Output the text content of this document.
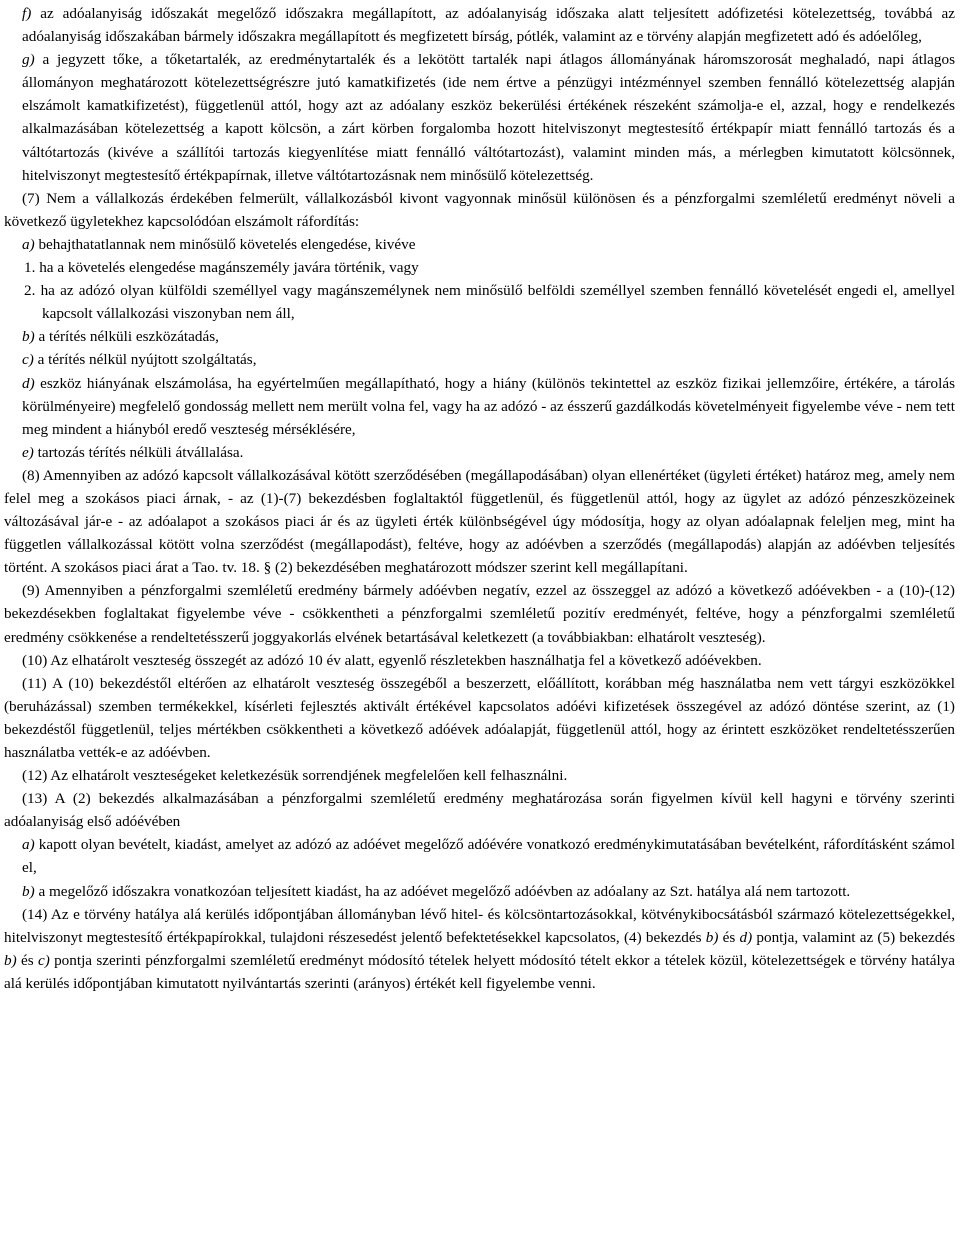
f) az adóalanyiság időszakát megelőző időszakra megállapított, az adóalanyiság időszaka alatt teljesített adófizetési kötelezettség, továbbá az adóalanyiság időszakában bármely időszakra megállapított és megfizetett bírság, pótlék, valamint az e törvény alapján megfizetett adó és adóelőleg,

g) a jegyzett tőke, a tőketartalék, az eredménytartalék és a lekötött tartalék napi átlagos állományának háromszorosát meghaladó, napi átlagos állományon meghatározott kötelezettségrészre jutó kamatkifizetés (ide nem értve a pénzügyi intézménnyel szemben fennálló kötelezettség alapján elszámolt kamatkifizetést), függetlenül attól, hogy azt az adóalany eszköz bekerülési értékének részeként számolja-e el, azzal, hogy e rendelkezés alkalmazásában kötelezettség a kapott kölcsön, a zárt körben forgalomba hozott hitelviszonyt megtestesítő értékpapír miatt fennálló tartozás és a váltótartozás (kivéve a szállítói tartozás kiegyenlítése miatt fennálló váltótartozást), valamint minden más, a mérlegben kimutatott kölcsönnek, hitelviszonyt megtestesítő értékpapírnak, illetve váltótartozásnak nem minősülő kötelezettség.

(7) Nem a vállalkozás érdekében felmerült, vállalkozásból kivont vagyonnak minősül különösen és a pénzforgalmi szemléletű eredményt növeli a következő ügyletekhez kapcsolódóan elszámolt ráfordítás:

a) behajthatatlannak nem minősülő követelés elengedése, kivéve

1. ha a követelés elengedése magánszemély javára történik, vagy

2. ha az adózó olyan külföldi személlyel vagy magánszemélynek nem minősülő belföldi személlyel szemben fennálló követelését engedi el, amellyel kapcsolt vállalkozási viszonyban nem áll,

b) a térítés nélküli eszközátadás,

c) a térítés nélkül nyújtott szolgáltatás,

d) eszköz hiányának elszámolása, ha egyértelműen megállapítható, hogy a hiány (különös tekintettel az eszköz fizikai jellemzőire, értékére, a tárolás körülményeire) megfelelő gondosság mellett nem merült volna fel, vagy ha az adózó - az ésszerű gazdálkodás követelményeit figyelembe véve - nem tett meg mindent a hiányból eredő veszteség mérséklésére,

e) tartozás térítés nélküli átvállalása.

(8) Amennyiben az adózó kapcsolt vállalkozásával kötött szerződésében (megállapodásában) olyan ellenértéket (ügyleti értéket) határoz meg, amely nem felel meg a szokásos piaci árnak, - az (1)-(7) bekezdésben foglaltaktól függetlenül, és függetlenül attól, hogy az ügylet az adózó pénzeszközeinek változásával jár-e - az adóalapot a szokásos piaci ár és az ügyleti érték különbségével úgy módosítja, hogy az olyan adóalapnak feleljen meg, mint ha független vállalkozással kötött volna szerződést (megállapodást), feltéve, hogy az adóévben a szerződés (megállapodás) alapján az adóévben teljesítés történt. A szokásos piaci árat a Tao. tv. 18. § (2) bekezdésében meghatározott módszer szerint kell megállapítani.

(9) Amennyiben a pénzforgalmi szemléletű eredmény bármely adóévben negatív, ezzel az összeggel az adózó a következő adóévekben - a (10)-(12) bekezdésekben foglaltakat figyelembe véve - csökkentheti a pénzforgalmi szemléletű pozitív eredményét, feltéve, hogy a pénzforgalmi szemléletű eredmény csökkenése a rendeltetésszerű joggyakorlás elvének betartásával keletkezett (a továbbiakban: elhatárolt veszteség).

(10) Az elhatárolt veszteség összegét az adózó 10 év alatt, egyenlő részletekben használhatja fel a következő adóévekben.

(11) A (10) bekezdéstől eltérően az elhatárolt veszteség összegéből a beszerzett, előállított, korábban még használatba nem vett tárgyi eszközökkel (beruházással) szemben termékekkel, kísérleti fejlesztés aktivált értékével kapcsolatos adóévi kifizetések összegével az adózó döntése szerint, az (1) bekezdéstől függetlenül, teljes mértékben csökkentheti a következő adóévek adóalapját, függetlenül attól, hogy az érintett eszközöket rendeltetésszerűen használatba vették-e az adóévben.

(12) Az elhatárolt veszteségeket keletkezésük sorrendjének megfelelően kell felhasználni.

(13) A (2) bekezdés alkalmazásában a pénzforgalmi szemléletű eredmény meghatározása során figyelmen kívül kell hagyni e törvény szerinti adóalanyiság első adóévében

a) kapott olyan bevételt, kiadást, amelyet az adózó az adóévet megelőző adóévére vonatkozó eredménykimutatásában bevételként, ráfordításként számol el,

b) a megelőző időszakra vonatkozóan teljesített kiadást, ha az adóévet megelőző adóévben az adóalany az Szt. hatálya alá nem tartozott.

(14) Az e törvény hatálya alá kerülés időpontjában állományban lévő hitel- és kölcsöntartozásokkal, kötvénykibocsátásból származó kötelezettségekkel, hitelviszonyt megtestesítő értékpapírokkal, tulajdoni részesedést jelentő befektetésekkel kapcsolatos, (4) bekezdés b) és d) pontja, valamint az (5) bekezdés b) és c) pontja szerinti pénzforgalmi szemléletű eredményt módosító tételek helyett módosító tételt ekkor a tételek közül, kötelezettségek e törvény hatálya alá kerülés időpontjában kimutatott nyilvántartás szerinti (arányos) értékét kell figyelembe venni.
